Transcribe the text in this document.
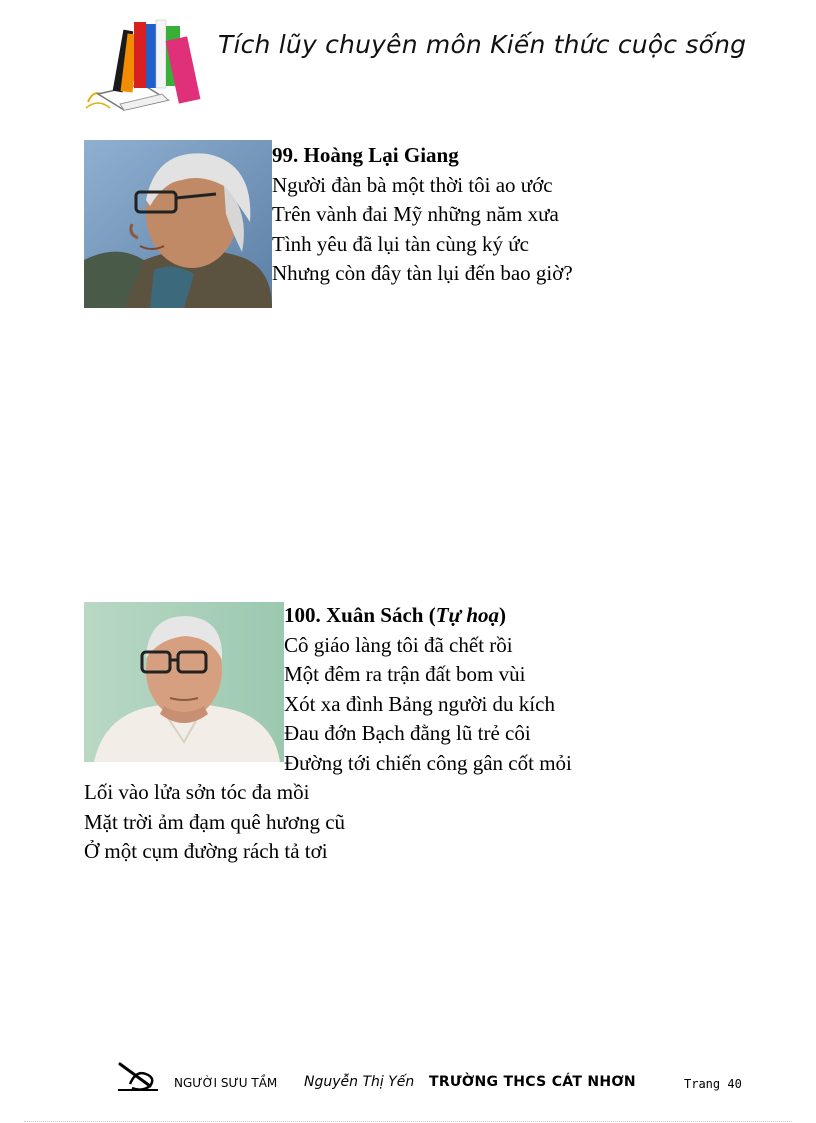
Tích lũy chuyên môn Kiến thức cuộc sống
99. Hoàng Lại Giang
Người đàn bà một thời tôi ao ước
Trên vành đai Mỹ những năm xưa
Tình yêu đã lụi tàn cùng ký ức
Nhưng còn đây tàn lụi đến bao giờ?
100. Xuân Sách (Tự hoạ)
Cô giáo làng tôi đã chết rồi
Một đêm ra trận đất bom vùi
Xót xa đình Bảng người du kích
Đau đớn Bạch đằng lũ trẻ côi
Đường tới chiến công gân cốt mỏi
Lối vào lửa sởn tóc đa mồi
Mặt trời ảm đạm quê hương cũ
Ở một cụm đường rách tả tơi
NGƯỜI SƯU TẦM Nguyễn Thị Yến TRƯỜNG THCS CÁT NHƠN	Trang 40
